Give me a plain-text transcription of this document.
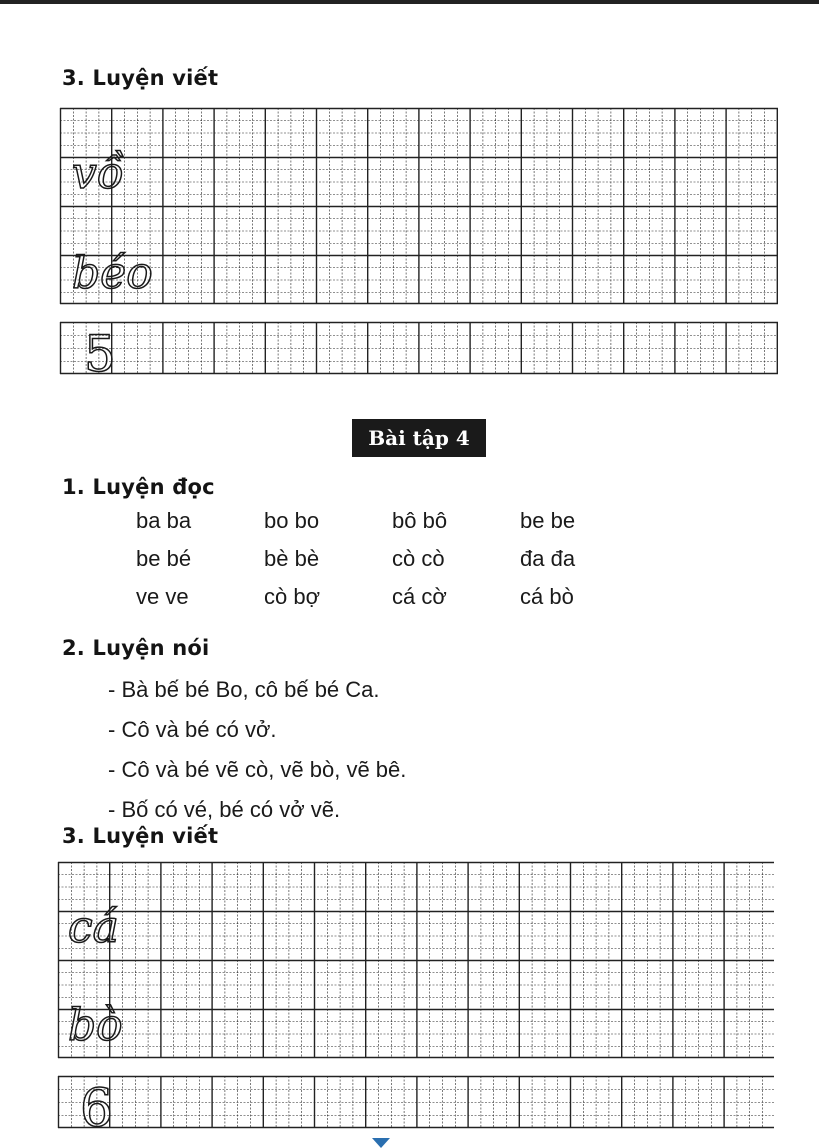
3. Luyện viết
vồ
béo
5
Bài tập 4
1. Luyện đọc
ba ba	bo bo	bô bô	be be
be bé	bè bè	cò cò	đa đa
ve ve	cò bợ	cá cờ	cá bò
2. Luyện nói
- Bà bế bé Bo, cô bế bé Ca.
- Cô và bé có vở.
- Cô và bé vẽ cò, vẽ bò, vẽ bê.
- Bố có vé, bé có vở vẽ.
3. Luyện viết
cá
bò
6
